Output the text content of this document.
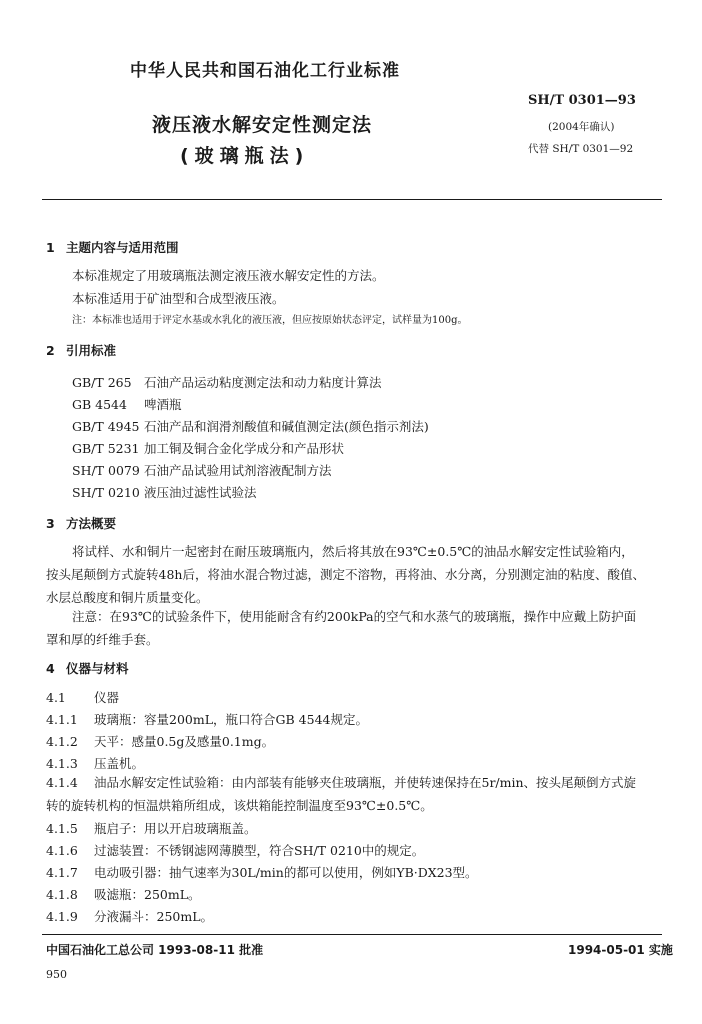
中华人民共和国石油化工行业标准
液压液水解安定性测定法
(玻璃瓶法)
SH/T 0301—93
(2004年确认)
代替 SH/T 0301—92
1 主题内容与适用范围
本标准规定了用玻璃瓶法测定液压液水解安定性的方法。
本标准适用于矿油型和合成型液压液。
注：本标准也适用于评定水基或水乳化的液压液，但应按原始状态评定，试样量为100g。
2 引用标准
GB/T 265 石油产品运动粘度测定法和动力粘度计算法
GB 4544 啤酒瓶
GB/T 4945 石油产品和润滑剂酸值和碱值测定法(颜色指示剂法)
GB/T 5231 加工铜及铜合金化学成分和产品形状
SH/T 0079 石油产品试验用试剂溶液配制方法
SH/T 0210 液压油过滤性试验法
3 方法概要
将试样、水和铜片一起密封在耐压玻璃瓶内，然后将其放在93℃±0.5℃的油品水解安定性试验箱内，按头尾颠倒方式旋转48h后，将油水混合物过滤，测定不溶物，再将油、水分离，分别测定油的粘度、酸值、水层总酸度和铜片质量变化。
注意：在93℃的试验条件下，使用能耐含有约200kPa的空气和水蒸气的玻璃瓶，操作中应戴上防护面罩和厚的纤维手套。
4 仪器与材料
4.1 仪器
4.1.1 玻璃瓶：容量200mL，瓶口符合GB 4544规定。
4.1.2 天平：感量0.5g及感量0.1mg。
4.1.3 压盖机。
4.1.4 油品水解安定性试验箱：由内部装有能够夹住玻璃瓶，并使转速保持在5r/min、按头尾颠倒方式旋转的旋转机构的恒温烘箱所组成，该烘箱能控制温度至93℃±0.5℃。
4.1.5 瓶启子：用以开启玻璃瓶盖。
4.1.6 过滤装置：不锈钢滤网薄膜型，符合SH/T 0210中的规定。
4.1.7 电动吸引器：抽气速率为30L/min的都可以使用，例如YB·DX23型。
4.1.8 吸滤瓶：250mL。
4.1.9 分液漏斗：250mL。
中国石油化工总公司 1993-08-11 批准	1994-05-01 实施
950
